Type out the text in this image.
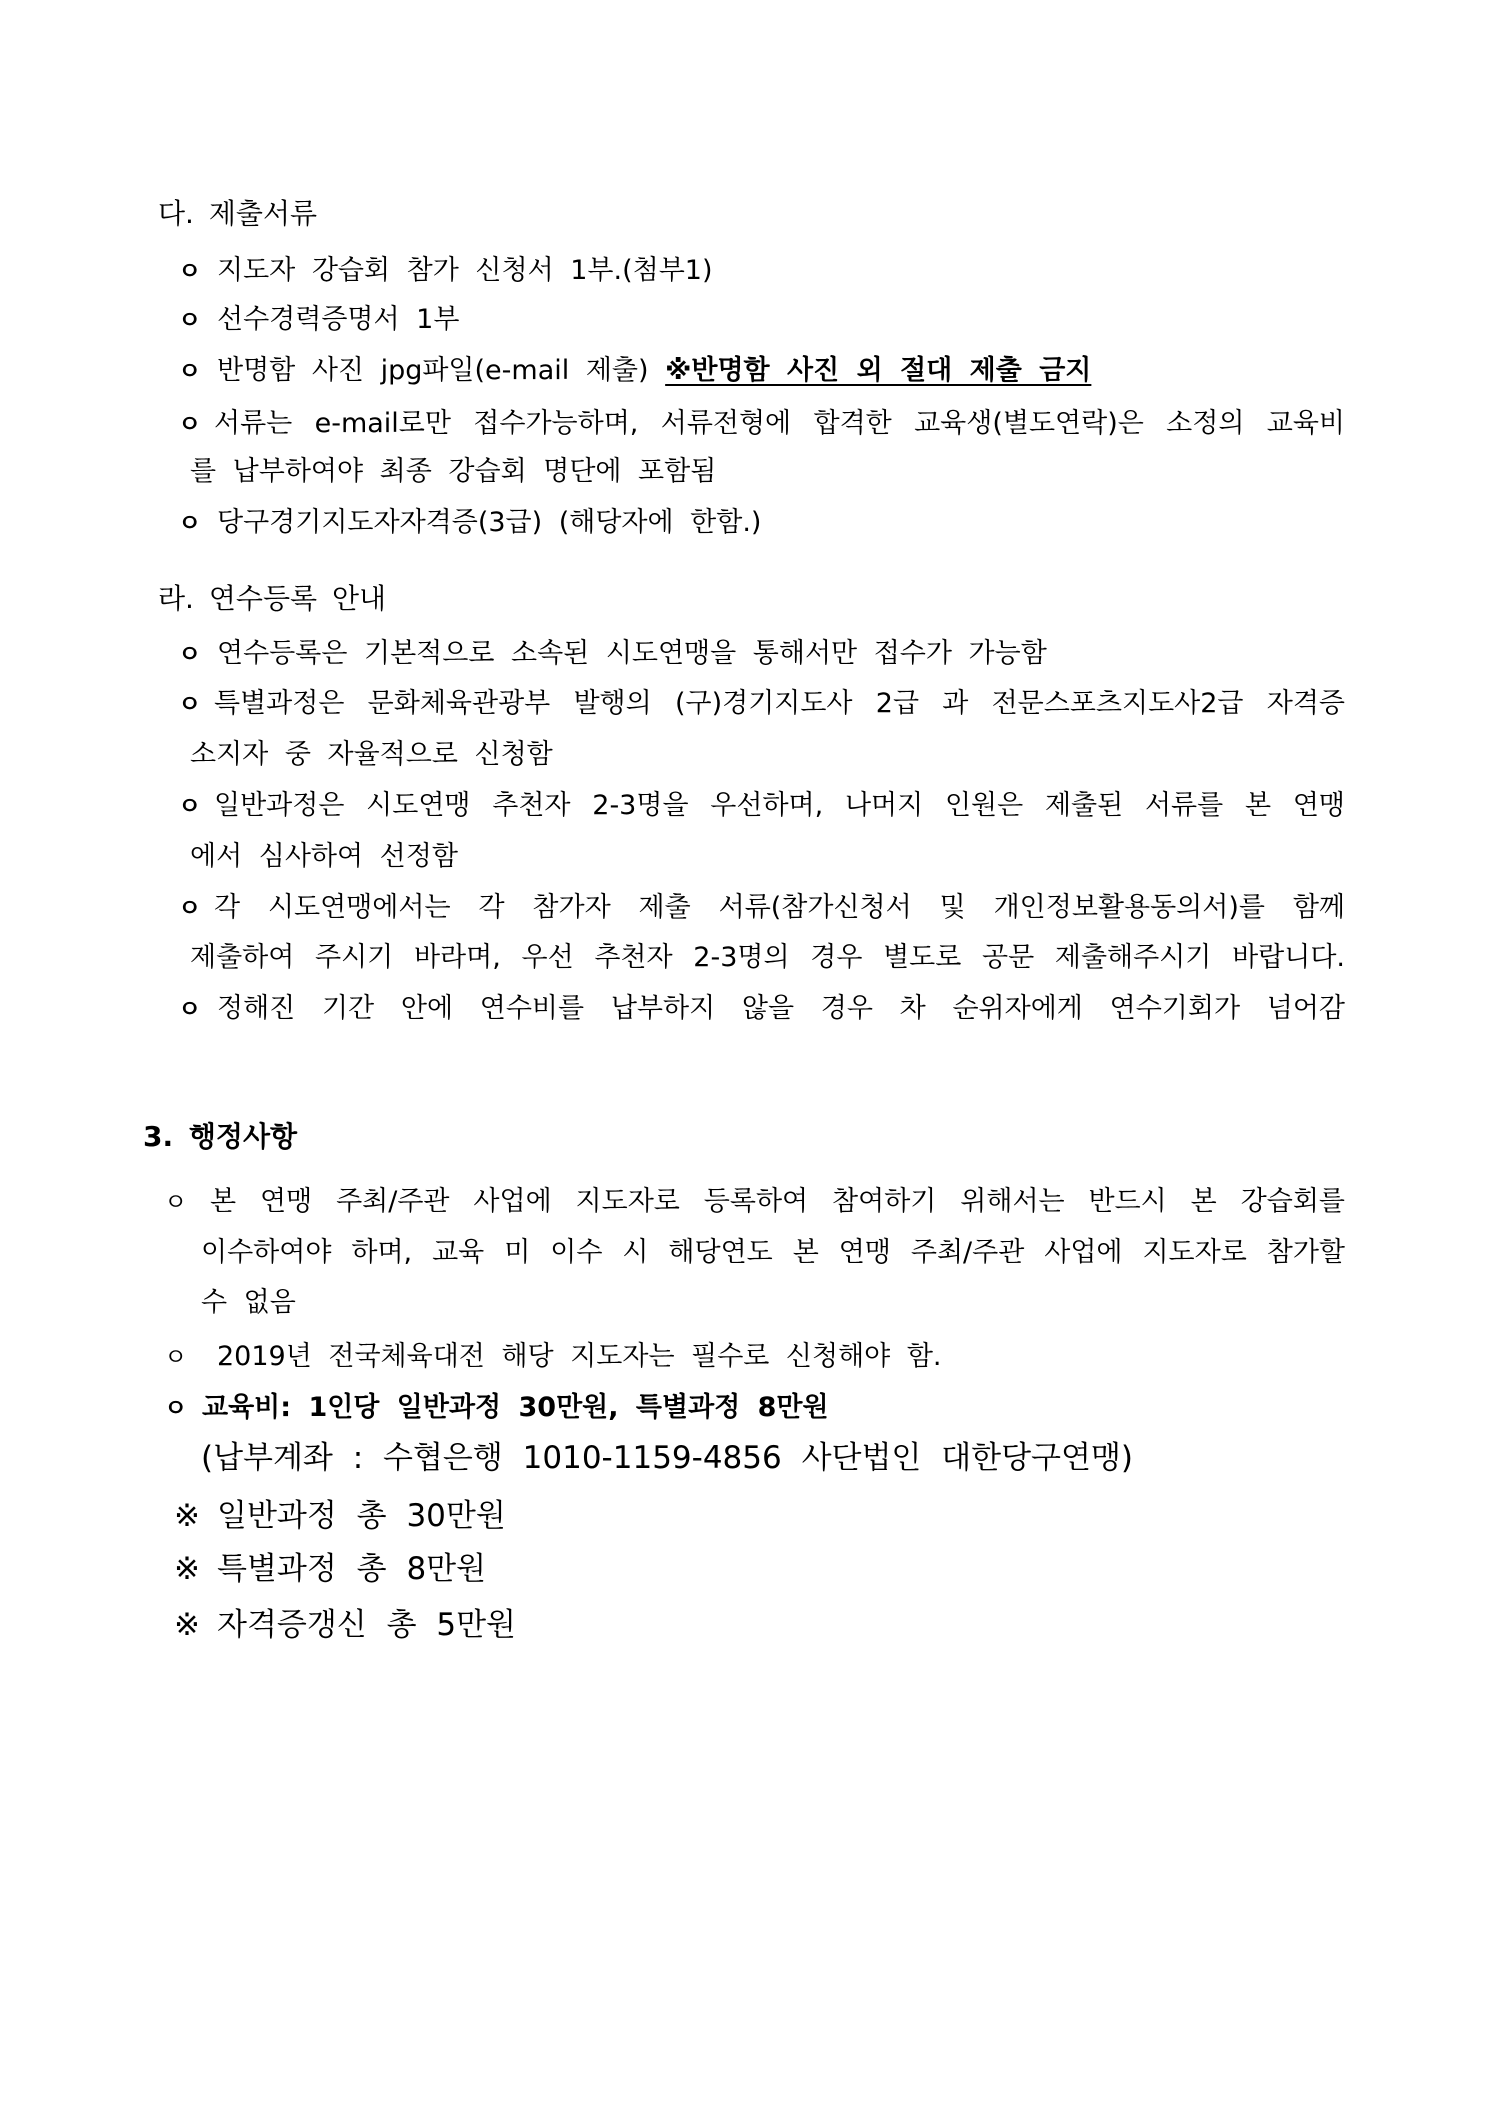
다. 제출서류
ㅇ 지도자 강습회 참가 신청서 1부.(첨부1)
ㅇ 선수경력증명서 1부
ㅇ 반명함 사진 jpg파일(e-mail 제출) ※반명함 사진 외 절대 제출 금지
ㅇ 서류는 e-mail로만 접수가능하며, 서류전형에 합격한 교육생(별도연락)은 소정의 교육비
를 납부하여야 최종 강습회 명단에 포함됨
ㅇ 당구경기지도자자격증(3급) (해당자에 한함.)
라. 연수등록 안내
ㅇ 연수등록은 기본적으로 소속된 시도연맹을 통해서만 접수가 가능함
ㅇ 특별과정은 문화체육관광부 발행의 (구)경기지도사 2급 과 전문스포츠지도사2급 자격증
소지자 중 자율적으로 신청함
ㅇ 일반과정은 시도연맹 추천자 2-3명을 우선하며, 나머지 인원은 제출된 서류를 본 연맹
에서 심사하여 선정함
ㅇ 각 시도연맹에서는 각 참가자 제출 서류(참가신청서 및 개인정보활용동의서)를 함께
제출하여 주시기 바라며, 우선 추천자 2-3명의 경우 별도로 공문 제출해주시기 바랍니다.
ㅇ 정해진 기간 안에 연수비를 납부하지 않을 경우 차 순위자에게 연수기회가 넘어감
3. 행정사항
ㅇ 본 연맹 주최/주관 사업에 지도자로 등록하여 참여하기 위해서는 반드시 본 강습회를
이수하여야 하며, 교육 미 이수 시 해당연도 본 연맹 주최/주관 사업에 지도자로 참가할
수 없음
ㅇ 2019년 전국체육대전 해당 지도자는 필수로 신청해야 함.
ㅇ 교육비: 1인당 일반과정 30만원, 특별과정 8만원
(납부계좌 : 수협은행 1010-1159-4856 사단법인 대한당구연맹)
※ 일반과정 총 30만원
※ 특별과정 총 8만원
※ 자격증갱신 총 5만원
